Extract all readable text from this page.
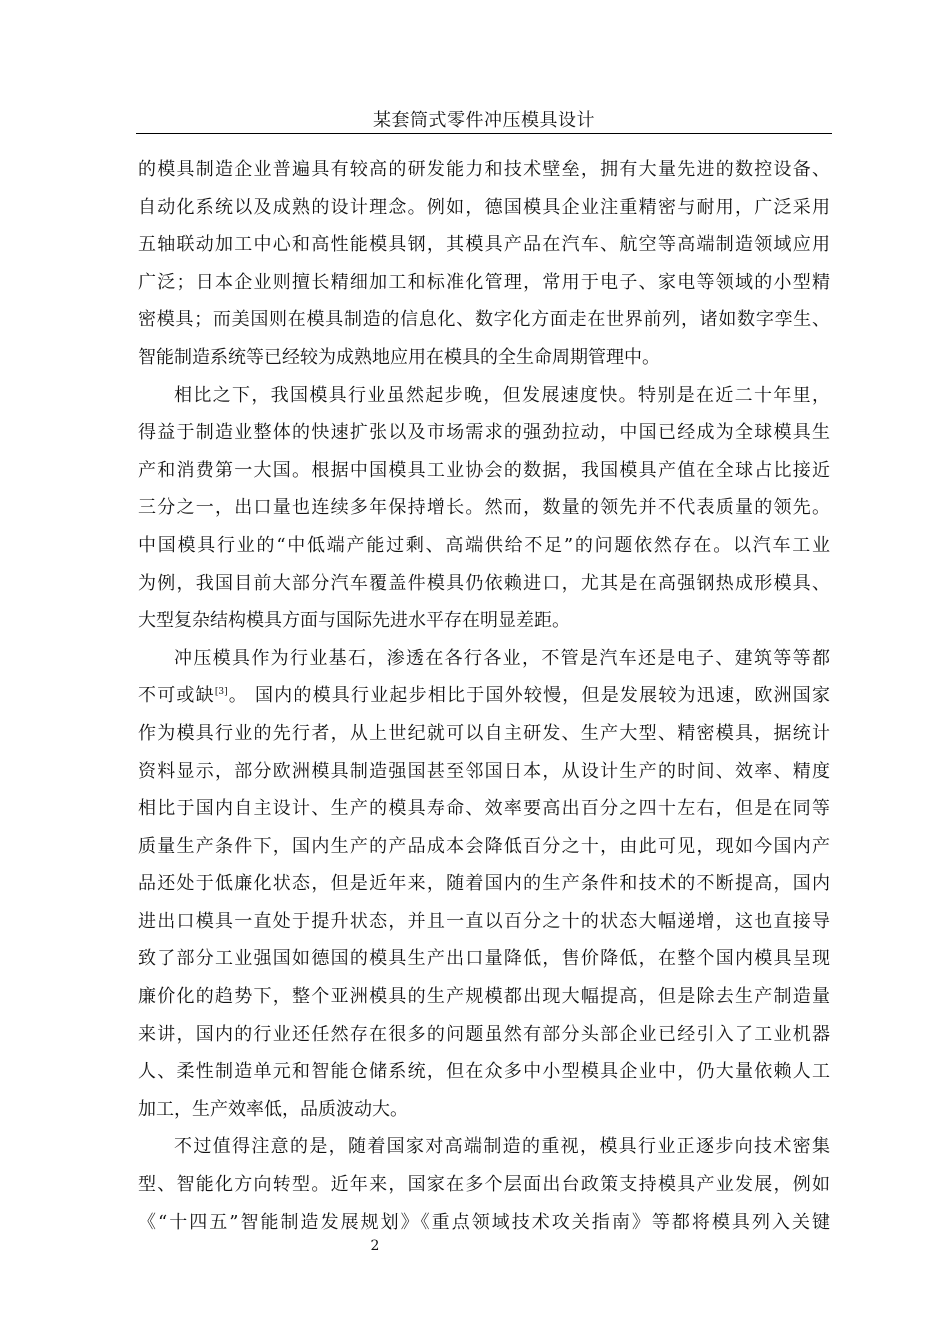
某套筒式零件冲压模具设计
的模具制造企业普遍具有较高的研发能力和技术壁垒，拥有大量先进的数控设备、
自动化系统以及成熟的设计理念。例如，德国模具企业注重精密与耐用，广泛采用
五轴联动加工中心和高性能模具钢，其模具产品在汽车、航空等高端制造领域应用
广泛；日本企业则擅长精细加工和标准化管理，常用于电子、家电等领域的小型精
密模具；而美国则在模具制造的信息化、数字化方面走在世界前列，诸如数字孪生、
智能制造系统等已经较为成熟地应用在模具的全生命周期管理中。
相比之下，我国模具行业虽然起步晚，但发展速度快。特别是在近二十年里，
得益于制造业整体的快速扩张以及市场需求的强劲拉动，中国已经成为全球模具生
产和消费第一大国。根据中国模具工业协会的数据，我国模具产值在全球占比接近
三分之一，出口量也连续多年保持增长。然而，数量的领先并不代表质量的领先。
中国模具行业的“中低端产能过剩、高端供给不足”的问题依然存在。以汽车工业
为例，我国目前大部分汽车覆盖件模具仍依赖进口，尤其是在高强钢热成形模具、
大型复杂结构模具方面与国际先进水平存在明显差距。
冲压模具作为行业基石，渗透在各行各业，不管是汽车还是电子、建筑等等都
不可或缺[3]。 国内的模具行业起步相比于国外较慢，但是发展较为迅速，欧洲国家
作为模具行业的先行者，从上世纪就可以自主研发、生产大型、精密模具，据统计
资料显示，部分欧洲模具制造强国甚至邻国日本，从设计生产的时间、效率、精度
相比于国内自主设计、生产的模具寿命、效率要高出百分之四十左右，但是在同等
质量生产条件下，国内生产的产品成本会降低百分之十，由此可见，现如今国内产
品还处于低廉化状态，但是近年来，随着国内的生产条件和技术的不断提高，国内
进出口模具一直处于提升状态，并且一直以百分之十的状态大幅递增，这也直接导
致了部分工业强国如德国的模具生产出口量降低，售价降低，在整个国内模具呈现
廉价化的趋势下，整个亚洲模具的生产规模都出现大幅提高，但是除去生产制造量
来讲，国内的行业还任然存在很多的问题虽然有部分头部企业已经引入了工业机器
人、柔性制造单元和智能仓储系统，但在众多中小型模具企业中，仍大量依赖人工
加工，生产效率低，品质波动大。
不过值得注意的是，随着国家对高端制造的重视，模具行业正逐步向技术密集
型、智能化方向转型。近年来，国家在多个层面出台政策支持模具产业发展，例如
《“十四五”智能制造发展规划》《重点领域技术攻关指南》等都将模具列入关键
2
